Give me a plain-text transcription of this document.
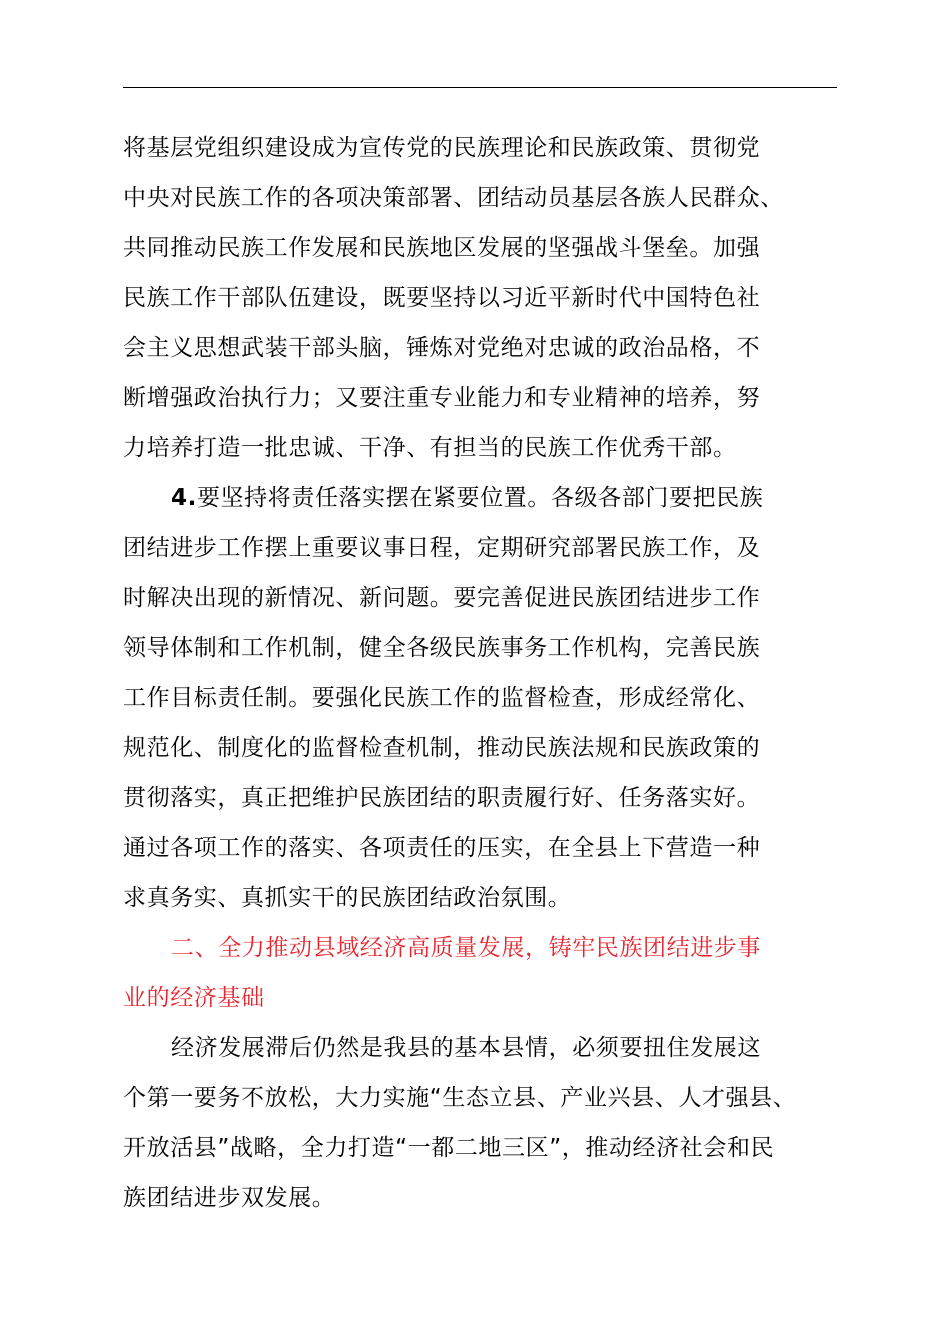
将基层党组织建设成为宣传党的民族理论和民族政策、贯彻党
中央对民族工作的各项决策部署、团结动员基层各族人民群众、
共同推动民族工作发展和民族地区发展的坚强战斗堡垒。加强
民族工作干部队伍建设，既要坚持以习近平新时代中国特色社
会主义思想武装干部头脑，锤炼对党绝对忠诚的政治品格，不
断增强政治执行力；又要注重专业能力和专业精神的培养，努
力培养打造一批忠诚、干净、有担当的民族工作优秀干部。
4.要坚持将责任落实摆在紧要位置。各级各部门要把民族
团结进步工作摆上重要议事日程，定期研究部署民族工作，及
时解决出现的新情况、新问题。要完善促进民族团结进步工作
领导体制和工作机制，健全各级民族事务工作机构，完善民族
工作目标责任制。要强化民族工作的监督检查，形成经常化、
规范化、制度化的监督检查机制，推动民族法规和民族政策的
贯彻落实，真正把维护民族团结的职责履行好、任务落实好。
通过各项工作的落实、各项责任的压实，在全县上下营造一种
求真务实、真抓实干的民族团结政治氛围。
二、全力推动县域经济高质量发展，铸牢民族团结进步事
业的经济基础
经济发展滞后仍然是我县的基本县情，必须要扭住发展这
个第一要务不放松，大力实施“生态立县、产业兴县、人才强县、
开放活县”战略，全力打造“一都二地三区”，推动经济社会和民
族团结进步双发展。
